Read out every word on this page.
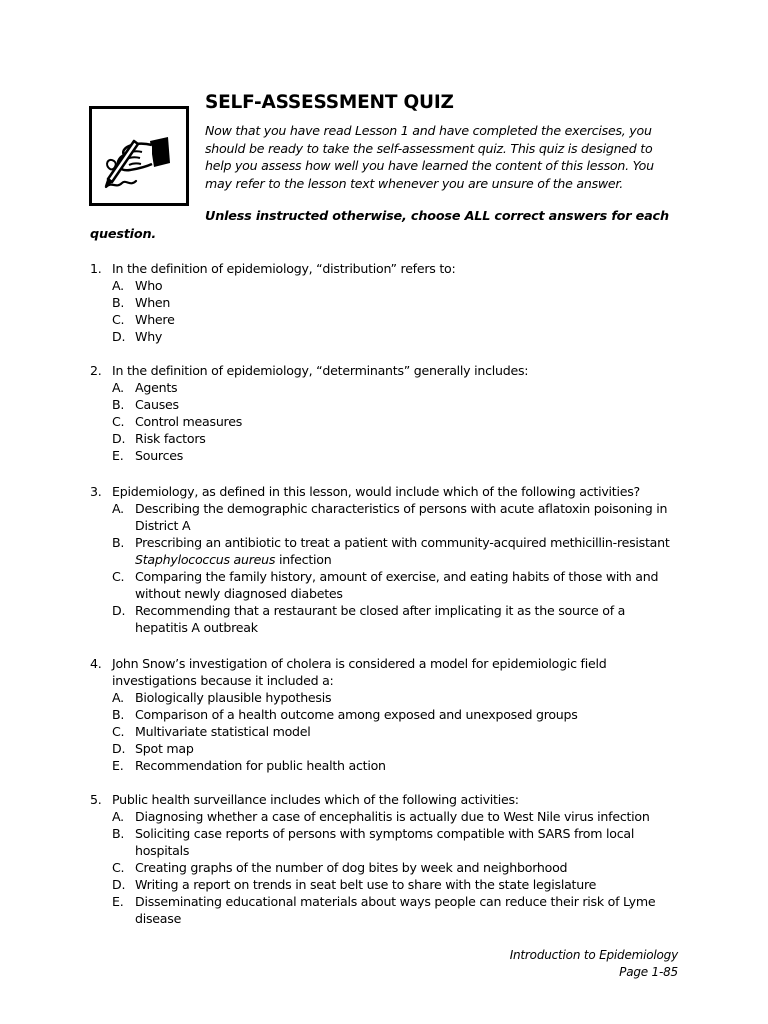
SELF-ASSESSMENT QUIZ
Now that you have read Lesson 1 and have completed the exercises, you should be ready to take the self-assessment quiz. This quiz is designed to help you assess how well you have learned the content of this lesson. You may refer to the lesson text whenever you are unsure of the answer.
Unless instructed otherwise, choose ALL correct answers for each question.
1. In the definition of epidemiology, “distribution” refers to:
A. Who
B. When
C. Where
D. Why
2. In the definition of epidemiology, “determinants” generally includes:
A. Agents
B. Causes
C. Control measures
D. Risk factors
E. Sources
3. Epidemiology, as defined in this lesson, would include which of the following activities?
A. Describing the demographic characteristics of persons with acute aflatoxin poisoning in District A
B. Prescribing an antibiotic to treat a patient with community-acquired methicillin-resistant
Staphylococcus aureus infection
C. Comparing the family history, amount of exercise, and eating habits of those with and without newly diagnosed diabetes
D. Recommending that a restaurant be closed after implicating it as the source of a hepatitis A outbreak
4. John Snow’s investigation of cholera is considered a model for epidemiologic field investigations because it included a:
A. Biologically plausible hypothesis
B. Comparison of a health outcome among exposed and unexposed groups
C. Multivariate statistical model
D. Spot map
E. Recommendation for public health action
5. Public health surveillance includes which of the following activities:
A. Diagnosing whether a case of encephalitis is actually due to West Nile virus infection
B. Soliciting case reports of persons with symptoms compatible with SARS from local hospitals
C. Creating graphs of the number of dog bites by week and neighborhood
D. Writing a report on trends in seat belt use to share with the state legislature
E. Disseminating educational materials about ways people can reduce their risk of Lyme disease
Introduction to Epidemiology
Page 1-85
